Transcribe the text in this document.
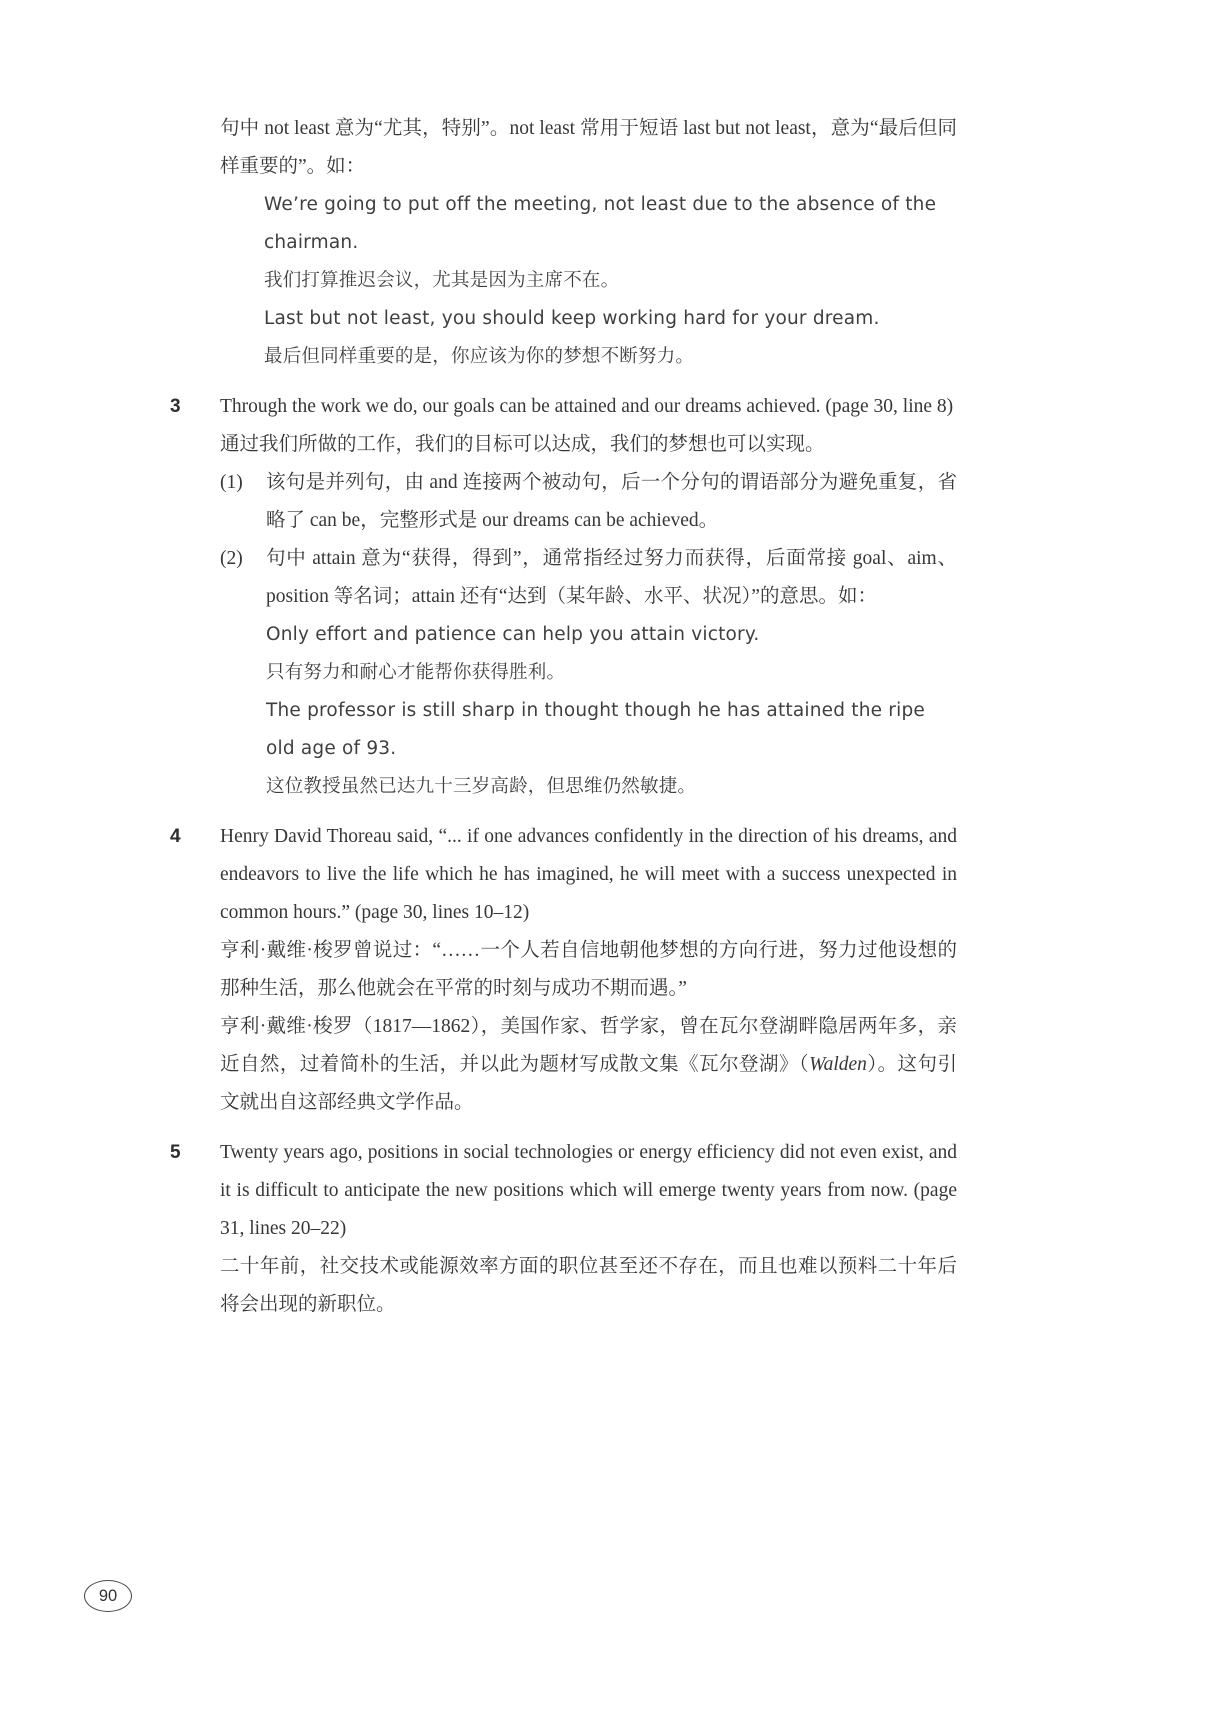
句中 not least 意为“尤其，特别”。not least 常用于短语 last but not least，意为“最后但同样重要的”。如：

We’re going to put off the meeting, not least due to the absence of the chairman.

我们打算推迟会议，尤其是因为主席不在。

Last but not least, you should keep working hard for your dream.

最后但同样重要的是，你应该为你的梦想不断努力。

3	Through the work we do, our goals can be attained and our dreams achieved. (page 30, line 8)

通过我们所做的工作，我们的目标可以达成，我们的梦想也可以实现。

(1)	该句是并列句，由 and 连接两个被动句，后一个分句的谓语部分为避免重复，省略了 can be，完整形式是 our dreams can be achieved。

(2)	句中 attain 意为“获得，得到”，通常指经过努力而获得，后面常接 goal、aim、position 等名词；attain 还有“达到（某年龄、水平、状况）”的意思。如：

Only effort and patience can help you attain victory.

只有努力和耐心才能帮你获得胜利。

The professor is still sharp in thought though he has attained the ripe old age of 93.

这位教授虽然已达九十三岁高龄，但思维仍然敏捷。

4	Henry David Thoreau said, “... if one advances confidently in the direction of his dreams, and endeavors to live the life which he has imagined, he will meet with a success unexpected in common hours.” (page 30, lines 10–12)

亨利·戴维·梭罗曾说过：“……一个人若自信地朝他梦想的方向行进，努力过他设想的那种生活，那么他就会在平常的时刻与成功不期而遇。”

亨利·戴维·梭罗（1817—1862），美国作家、哲学家，曾在瓦尔登湖畔隐居两年多，亲近自然，过着简朴的生活，并以此为题材写成散文集《瓦尔登湖》（Walden）。这句引文就出自这部经典文学作品。

5	Twenty years ago, positions in social technologies or energy efficiency did not even exist, and it is difficult to anticipate the new positions which will emerge twenty years from now. (page 31, lines 20–22)

二十年前，社交技术或能源效率方面的职位甚至还不存在，而且也难以预料二十年后将会出现的新职位。

90
